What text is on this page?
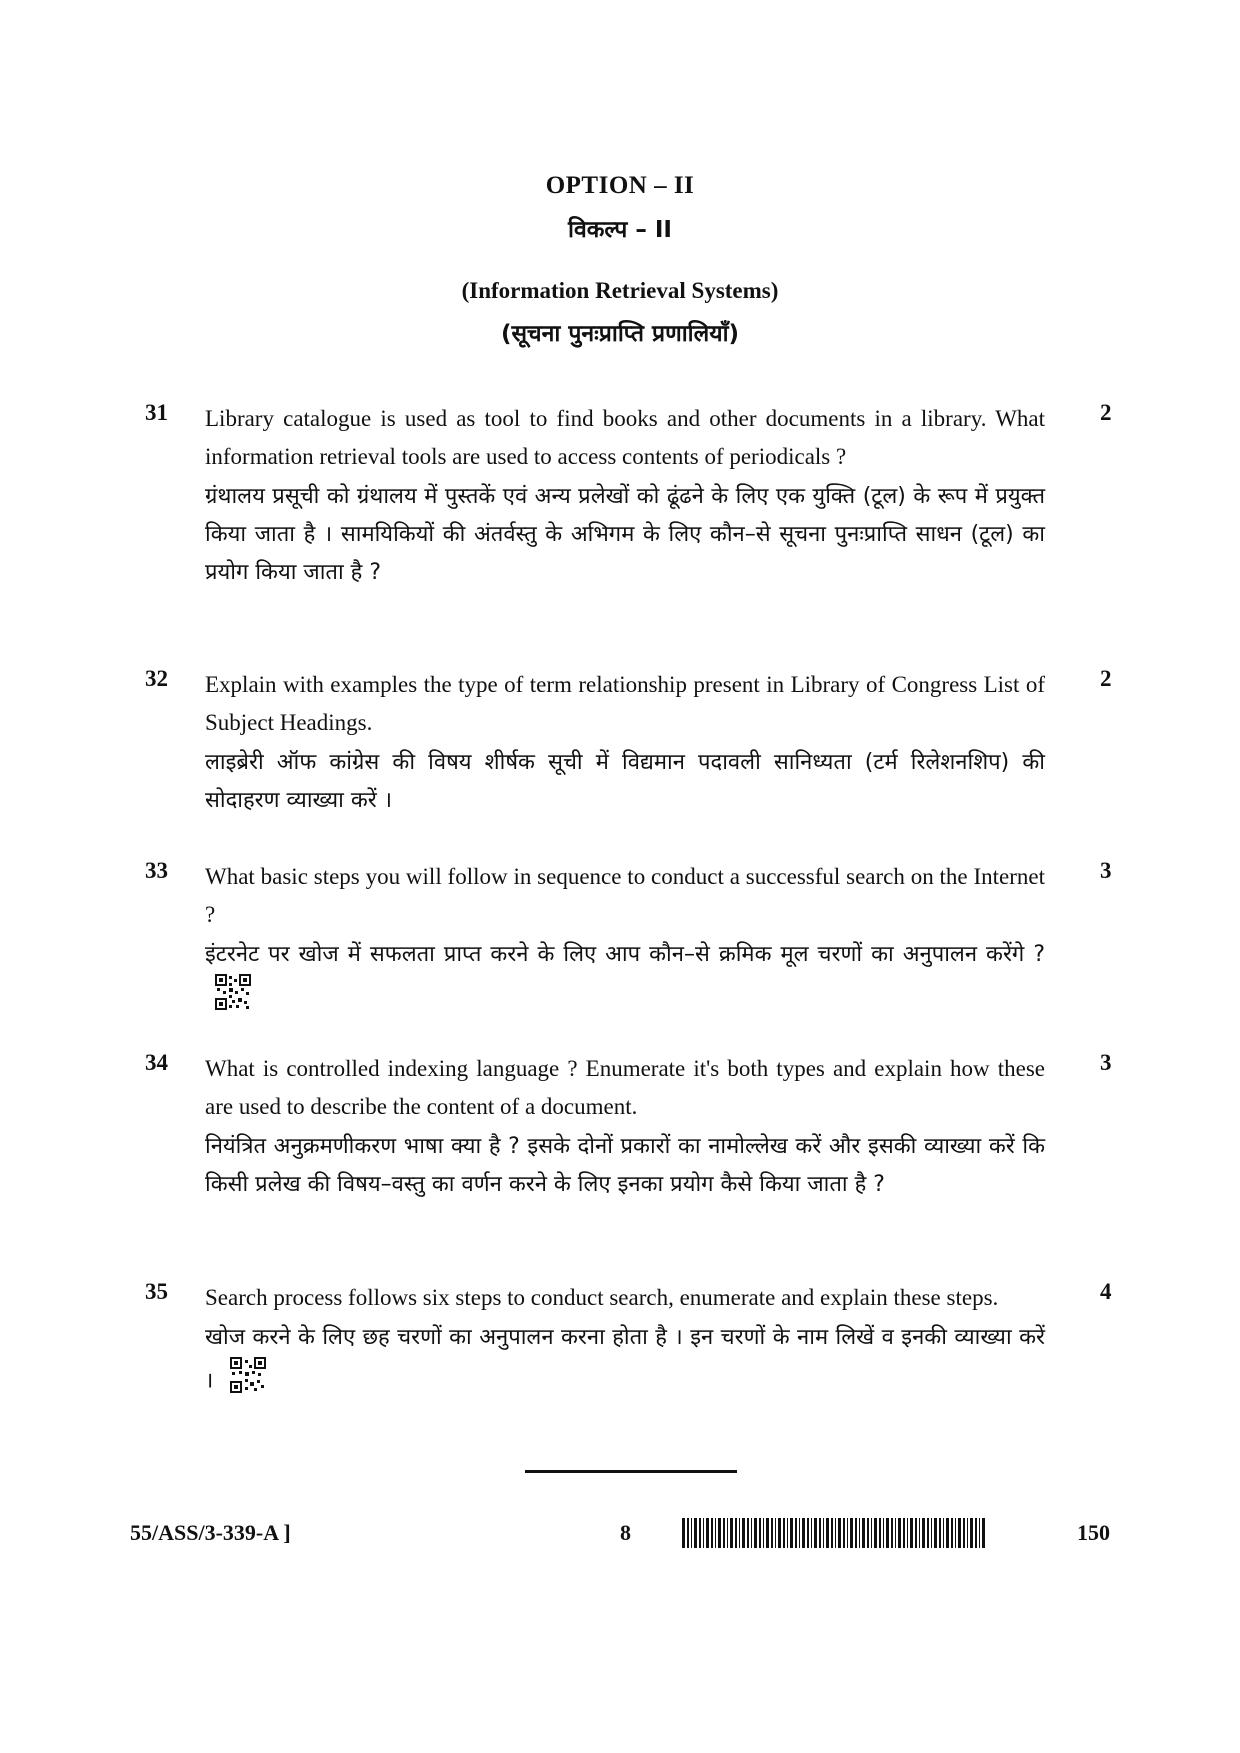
OPTION – II
विकल्प – II
(Information Retrieval Systems)
(सूचना पुनःप्राप्ति प्रणालियाँ)
31 Library catalogue is used as tool to find books and other documents in a library. What information retrieval tools are used to access contents of periodicals ?

ग्रंथालय प्रसूची को ग्रंथालय में पुस्तकें एवं अन्य प्रलेखों को ढूंढने के लिए एक युक्ति (टूल) के रूप में प्रयुक्त किया जाता है । सामयिकियों की अंतर्वस्तु के अभिगम के लिए कौन–से सूचना पुनःप्राप्ति साधन (टूल) का प्रयोग किया जाता है ?

2
32 Explain with examples the type of term relationship present in Library of Congress List of Subject Headings.

लाइब्रेरी ऑफ कांग्रेस की विषय शीर्षक सूची में विद्यमान पदावली सानिध्यता (टर्म रिलेशनशिप) की सोदाहरण व्याख्या करें ।

2
33 What basic steps you will follow in sequence to conduct a successful search on the Internet ?

इंटरनेट पर खोज में सफलता प्राप्त करने के लिए आप कौन–से क्रमिक मूल चरणों का अनुपालन करेंगे ?

3
34 What is controlled indexing language ? Enumerate it's both types and explain how these are used to describe the content of a document.

नियंत्रित अनुक्रमणीकरण भाषा क्या है ? इसके दोनों प्रकारों का नामोल्लेख करें और इसकी व्याख्या करें कि किसी प्रलेख की विषय–वस्तु का वर्णन करने के लिए इनका प्रयोग कैसे किया जाता है ?

3
35 Search process follows six steps to conduct search, enumerate and explain these steps.

खोज करने के लिए छह चरणों का अनुपालन करना होता है । इन चरणों के नाम लिखें व इनकी व्याख्या करें ।

4
55/ASS/3-339-A ]	8	150
